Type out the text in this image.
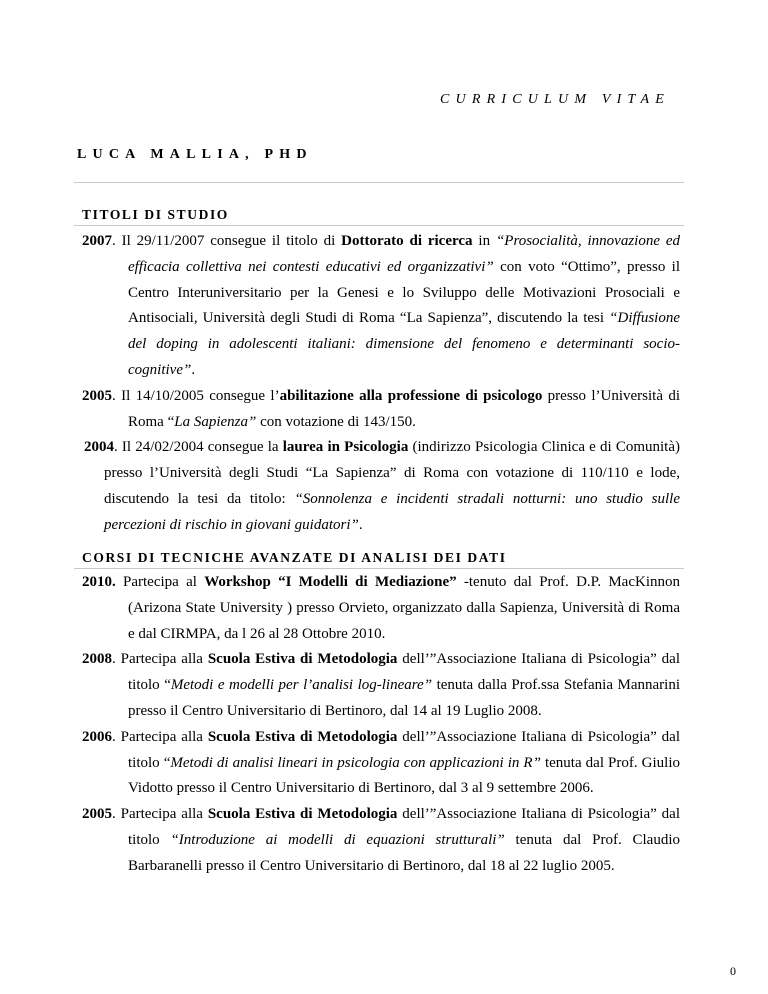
CURRICULUM VITAE
LUCA MALLIA, PHD
TITOLI DI STUDIO

2007. Il 29/11/2007 consegue il titolo di Dottorato di ricerca in “Prosocialità, innovazione ed efficacia collettiva nei contesti educativi ed organizzativi” con voto “Ottimo”, presso il Centro Interuniversitario per la Genesi e lo Sviluppo delle Motivazioni Prosociali e Antisociali, Università degli Studi di Roma “La Sapienza”, discutendo la tesi “Diffusione del doping in adolescenti italiani: dimensione del fenomeno e determinanti socio-cognitive”.

2005. Il 14/10/2005 consegue l’abilitazione alla professione di psicologo presso l’Università di Roma “La Sapienza” con votazione di 143/150.

2004. Il 24/02/2004 consegue la laurea in Psicologia (indirizzo Psicologia Clinica e di Comunità) presso l’Università degli Studi “La Sapienza” di Roma con votazione di 110/110 e lode, discutendo la tesi da titolo: “Sonnolenza e incidenti stradali notturni: uno studio sulle percezioni di rischio in giovani guidatori”.

CORSI DI TECNICHE AVANZATE DI ANALISI DEI DATI

2010. Partecipa al Workshop “I Modelli di Mediazione” -tenuto dal Prof. D.P. MacKinnon (Arizona State University ) presso Orvieto, organizzato dalla Sapienza, Università di Roma e dal CIRMPA, da l 26 al 28 Ottobre 2010.

2008. Partecipa alla Scuola Estiva di Metodologia dell’”Associazione Italiana di Psicologia” dal titolo “Metodi e modelli per l’analisi log-lineare” tenuta dalla Prof.ssa Stefania Mannarini presso il Centro Universitario di Bertinoro, dal 14 al 19 Luglio 2008.

2006. Partecipa alla Scuola Estiva di Metodologia dell’”Associazione Italiana di Psicologia” dal titolo “Metodi di analisi lineari in psicologia con applicazioni in R” tenuta dal Prof. Giulio Vidotto presso il Centro Universitario di Bertinoro, dal 3 al 9 settembre 2006.

2005. Partecipa alla Scuola Estiva di Metodologia dell’”Associazione Italiana di Psicologia” dal titolo “Introduzione ai modelli di equazioni strutturali” tenuta dal Prof. Claudio Barbaranelli presso il Centro Universitario di Bertinoro, dal 18 al 22 luglio 2005.

0
